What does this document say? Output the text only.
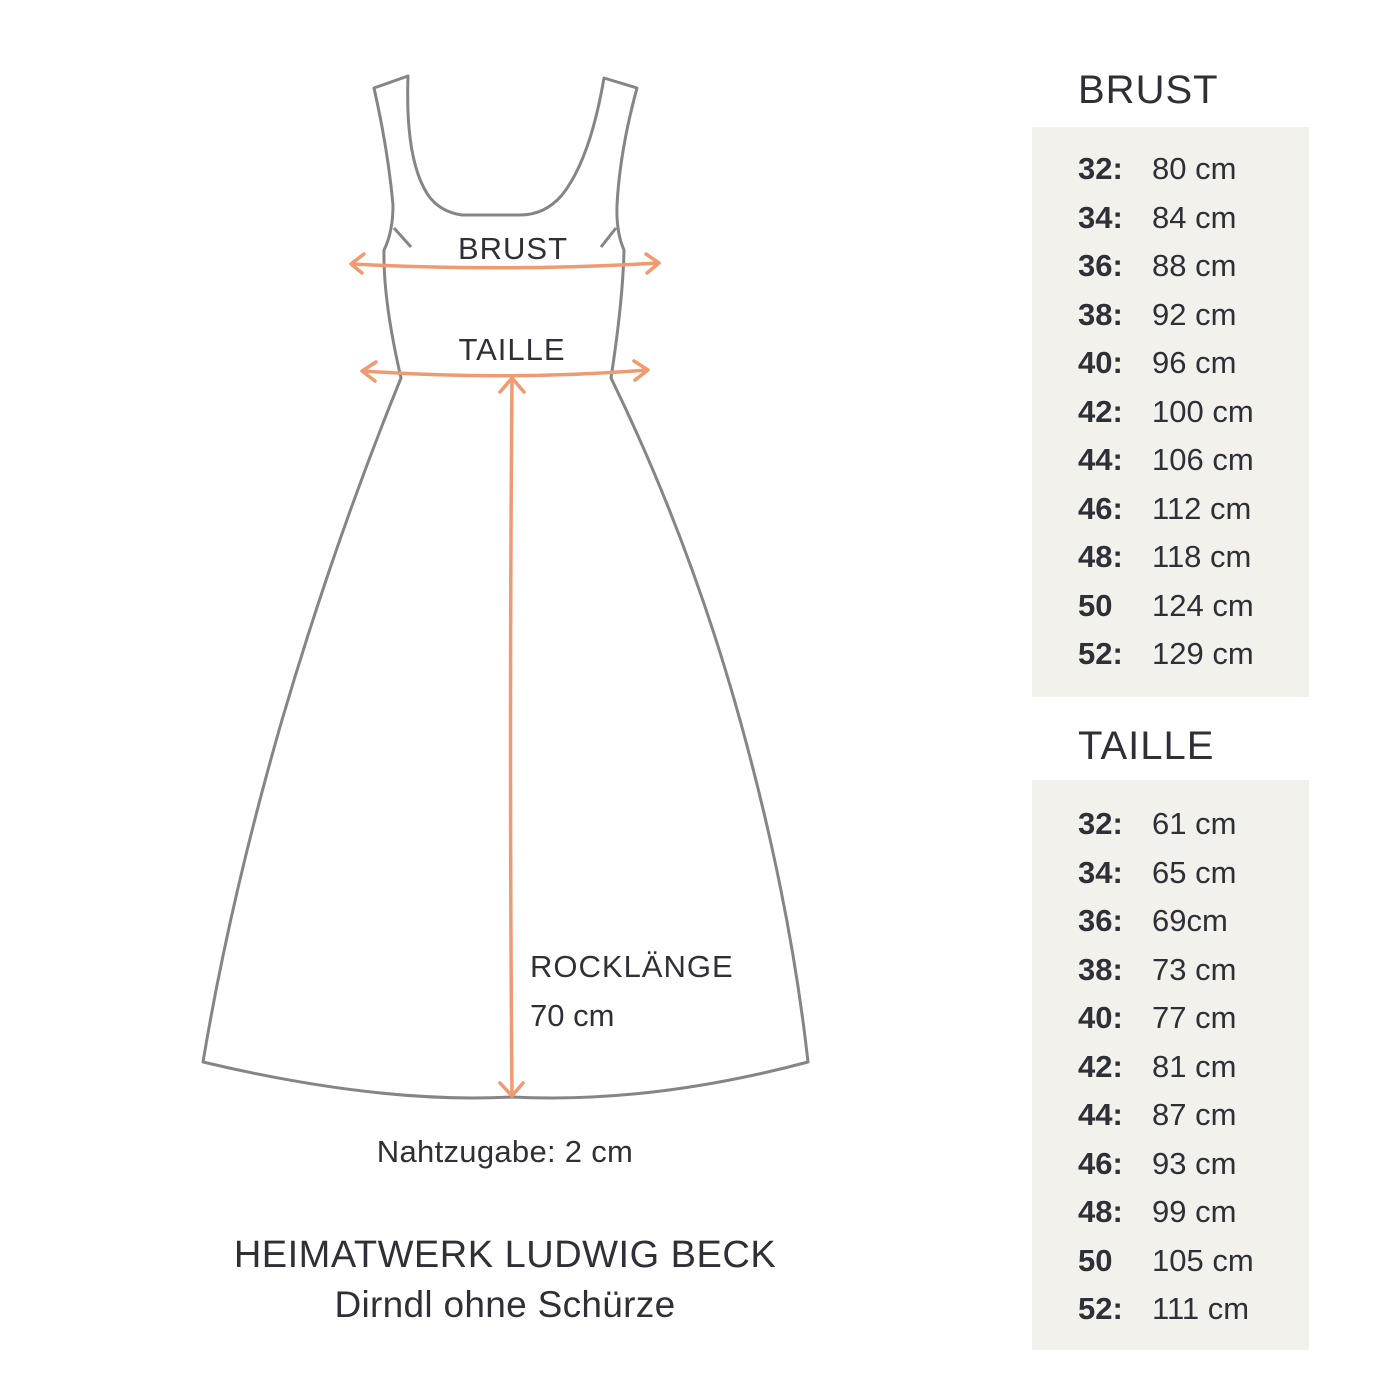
BRUST
TAILLE
ROCKLÄNGE
70 cm
Nahtzugabe: 2 cm
HEIMATWERK LUDWIG BECK
Dirndl ohne Schürze
BRUST
32: 80 cm
34: 84 cm
36: 88 cm
38: 92 cm
40: 96 cm
42: 100 cm
44: 106 cm
46: 112 cm
48: 118 cm
50	124 cm
52: 129 cm
TAILLE
32: 61 cm
34: 65 cm
36: 69cm
38: 73 cm
40: 77 cm
42: 81 cm
44: 87 cm
46: 93 cm
48: 99 cm
50	105 cm
52: 111 cm
